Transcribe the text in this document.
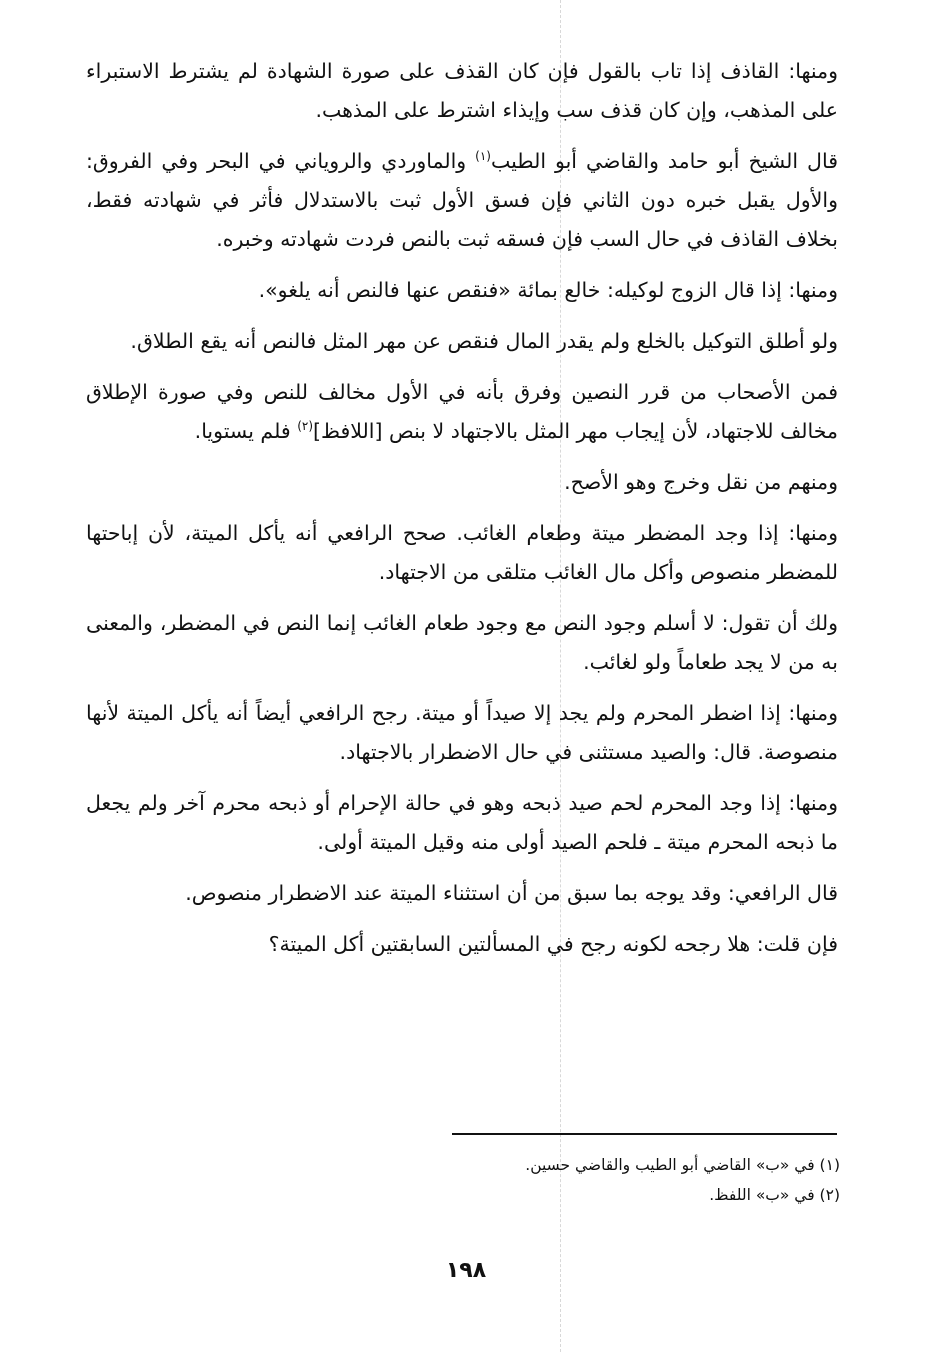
ومنها: القاذف إذا تاب بالقول فإن كان القذف على صورة الشهادة لم يشترط الاستبراء على المذهب، وإن كان قذف سب وإيذاء اشترط على المذهب.

قال الشيخ أبو حامد والقاضي أبو الطيب$^{(١)}$ والماوردي والروياني في البحر وفي الفروق: والأول يقبل خبره دون الثاني فإن فسق الأول ثبت بالاستدلال فأثر في شهادته فقط، بخلاف القاذف في حال السب فإن فسقه ثبت بالنص فردت شهادته وخبره.

ومنها: إذا قال الزوج لوكيله: خالع بمائة «فنقص عنها فالنص أنه يلغو».

ولو أطلق التوكيل بالخلع ولم يقدر المال فنقص عن مهر المثل فالنص أنه يقع الطلاق.

فمن الأصحاب من قرر النصين وفرق بأنه في الأول مخالف للنص وفي صورة الإطلاق مخالف للاجتهاد، لأن إيجاب مهر المثل بالاجتهاد لا بنص [اللافظ]$^{(٢)}$ فلم يستويا.

ومنهم من نقل وخرج وهو الأصح.

ومنها: إذا وجد المضطر ميتة وطعام الغائب. صحح الرافعي أنه يأكل الميتة، لأن إباحتها للمضطر منصوص وأكل مال الغائب متلقى من الاجتهاد.

ولك أن تقول: لا أسلم وجود النص مع وجود طعام الغائب إنما النص في المضطر، والمعنى به من لا يجد طعاماً ولو لغائب.

ومنها: إذا اضطر المحرم ولم يجد إلا صيداً أو ميتة. رجح الرافعي أيضاً أنه يأكل الميتة لأنها منصوصة. قال: والصيد مستثنى في حال الاضطرار بالاجتهاد.

ومنها: إذا وجد المحرم لحم صيد ذبحه وهو في حالة الإحرام أو ذبحه محرم آخر ولم يجعل ما ذبحه المحرم ميتة ـ فلحم الصيد أولى منه وقيل الميتة أولى.

قال الرافعي: وقد يوجه بما سبق من أن استثناء الميتة عند الاضطرار منصوص.

فإن قلت: هلا رجحه لكونه رجح في المسألتين السابقتين أكل الميتة؟

(١) في «ب» القاضي أبو الطيب والقاضي حسين.

(٢) في «ب» اللفظ.

١٩٨
